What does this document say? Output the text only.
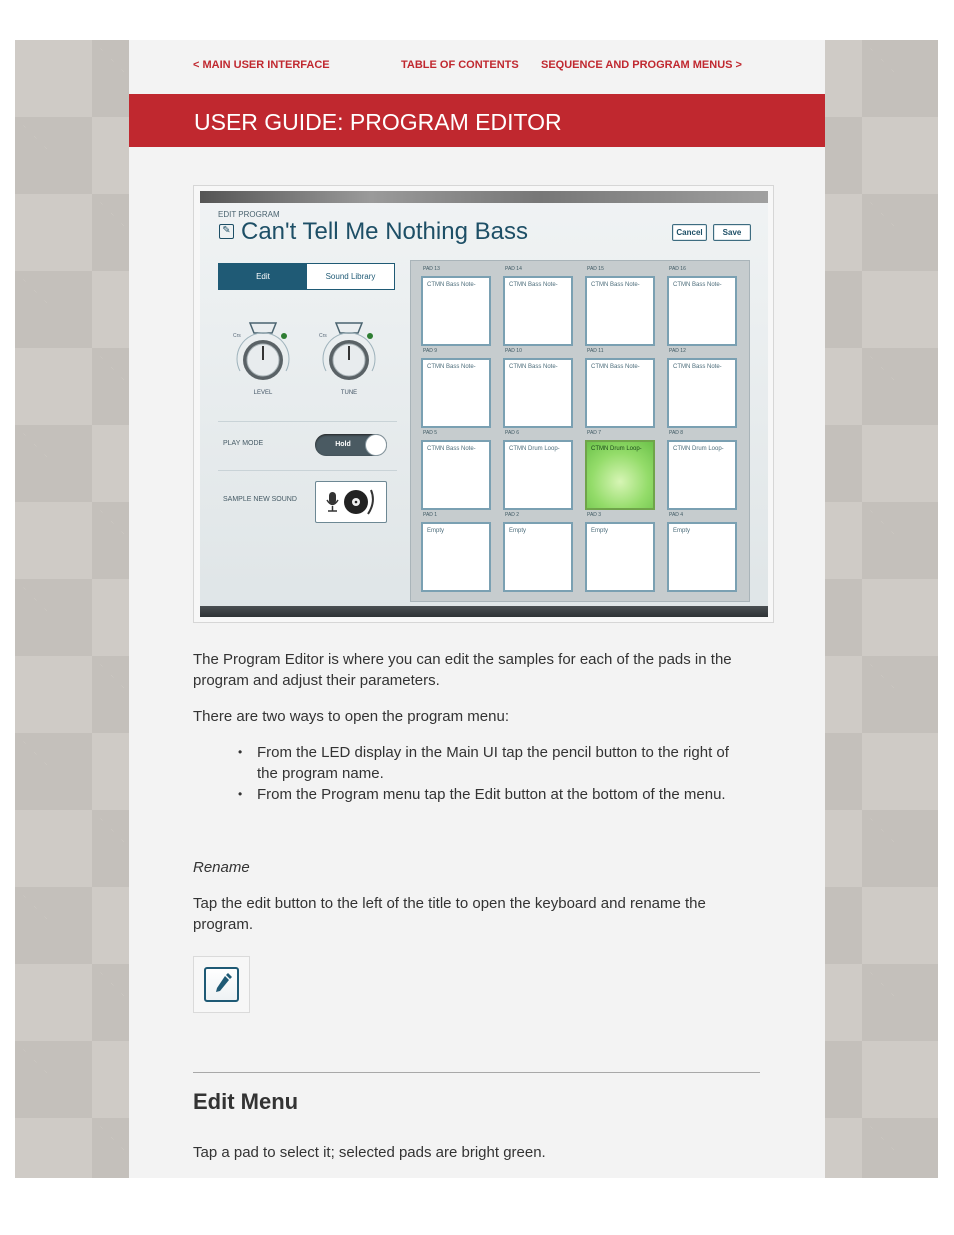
< MAIN USER INTERFACE	TABLE OF CONTENTS SEQUENCE AND PROGRAM MENUS >
USER GUIDE: PROGRAM EDITOR
EDIT PROGRAM
✎ Can't Tell Me Nothing Bass	Cancel	Save
Edit	Sound Library
Crs
LEVEL
Crs
TUNE
PLAY MODE	Hold
SAMPLE NEW SOUND
PAD 13
CTMN Bass Note-
PAD 14
CTMN Bass Note-
PAD 15
CTMN Bass Note-
PAD 16
CTMN Bass Note-
PAD 9
CTMN Bass Note-
PAD 10
CTMN Bass Note-
PAD 11
CTMN Bass Note-
PAD 12
CTMN Bass Note-
PAD 5
CTMN Bass Note-
PAD 6
CTMN Drum Loop-
PAD 7
CTMN Drum Loop-
PAD 8
CTMN Drum Loop-
PAD 1
Empty
PAD 2
Empty
PAD 3
Empty
PAD 4
Empty

The Program Editor is where you can edit the samples for each of the pads in the program and adjust their parameters.

There are two ways to open the program menu:

• From the LED display in the Main UI tap the pencil button to the right of the program name.
• From the Program menu tap the Edit button at the bottom of the menu.

Rename

Tap the edit button to the left of the title to open the keyboard and rename the program.

Edit Menu

Tap a pad to select it; selected pads are bright green.
